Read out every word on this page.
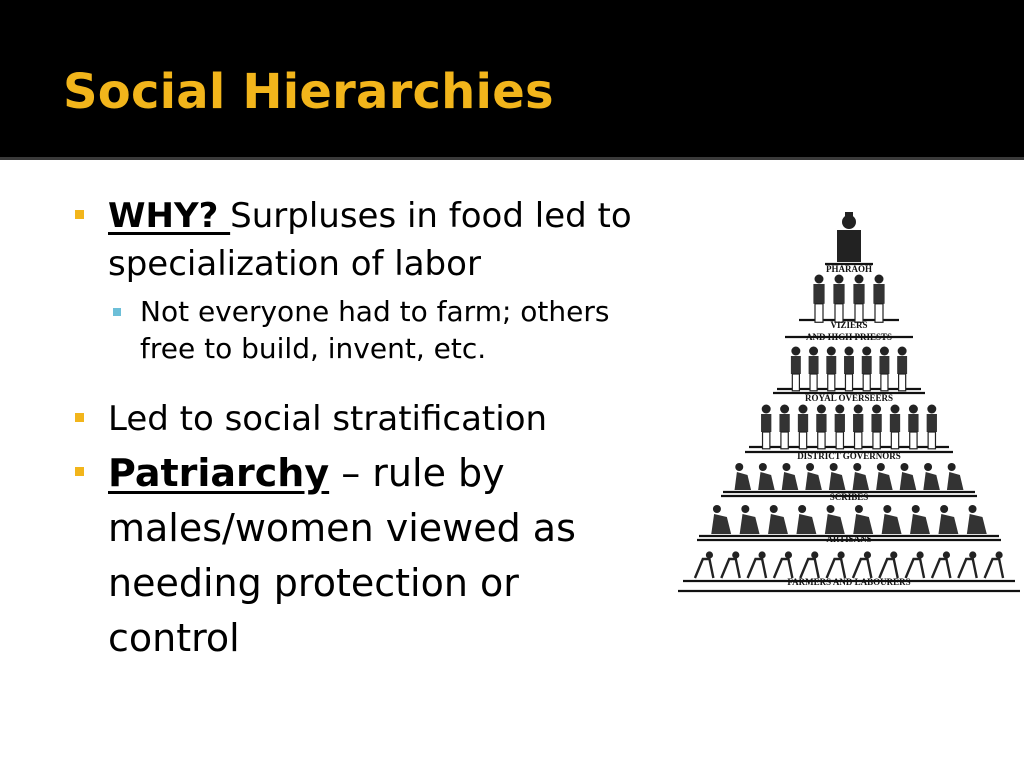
Social Hierarchies

WHY? Surpluses in food led to specialization of labor

Not everyone had to farm; others free to build, invent, etc.

Led to social stratification

Patriarchy – rule by males/women viewed as needing protection or control

PHARAOH
VIZIERS
AND HIGH PRIESTS
ROYAL OVERSEERS
DISTRICT GOVERNORS
SCRIBES
ARTISANS
FARMERS AND LABOURERS
